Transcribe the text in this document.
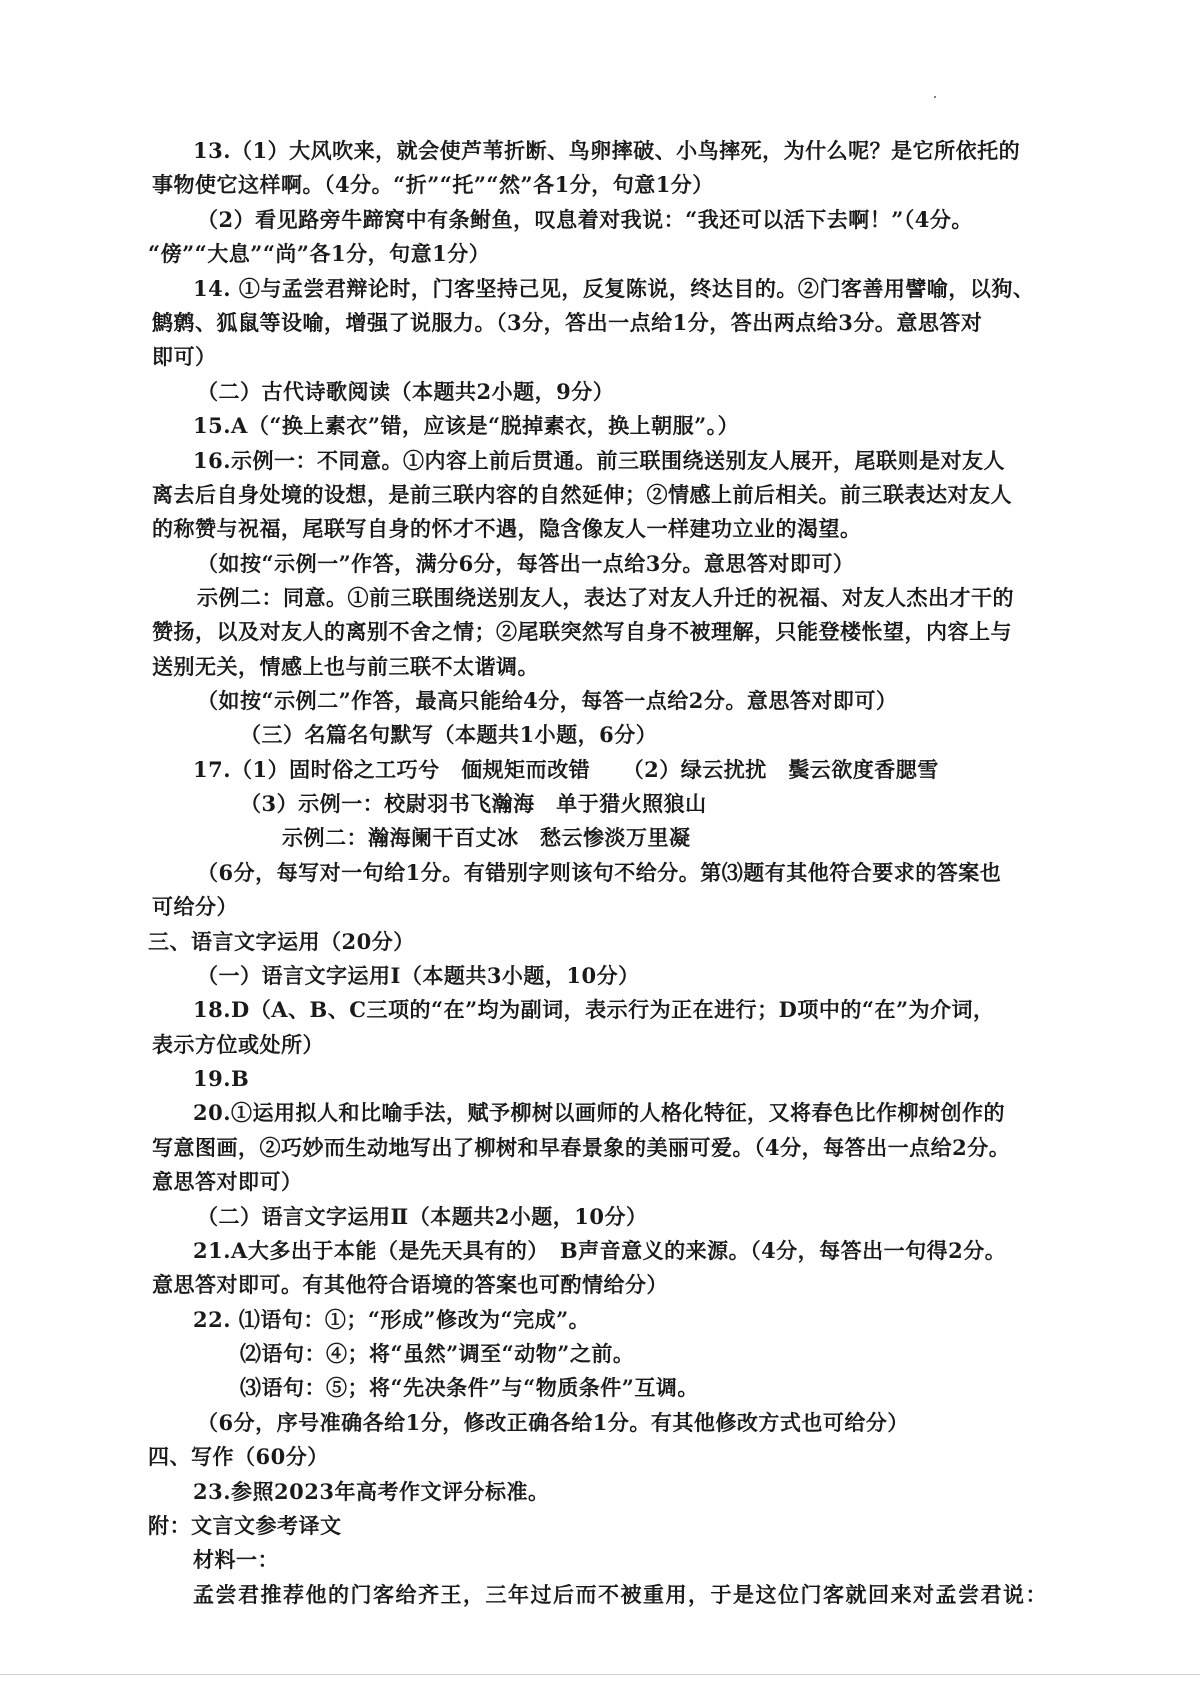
13.（1）大风吹来，就会使芦苇折断、鸟卵摔破、小鸟摔死，为什么呢？是它所依托的
事物使它这样啊。（4分。“折”“托”“然”各1分，句意1分）
（2）看见路旁牛蹄窝中有条鲋鱼，叹息着对我说：“我还可以活下去啊！”（4分。
“傍”“大息”“尚”各1分，句意1分）
14. ①与孟尝君辩论时，门客坚持己见，反复陈说，终达目的。②门客善用譬喻，以狗、
鹪鹩、狐鼠等设喻，增强了说服力。（3分，答出一点给1分，答出两点给3分。意思答对
即可）
（二）古代诗歌阅读（本题共2小题，9分）
15.A（“换上素衣”错，应该是“脱掉素衣，换上朝服”。）
16.示例一：不同意。①内容上前后贯通。前三联围绕送别友人展开，尾联则是对友人
离去后自身处境的设想，是前三联内容的自然延伸；②情感上前后相关。前三联表达对友人
的称赞与祝福，尾联写自身的怀才不遇，隐含像友人一样建功立业的渴望。
（如按“示例一”作答，满分6分，每答出一点给3分。意思答对即可）
示例二：同意。①前三联围绕送别友人，表达了对友人升迁的祝福、对友人杰出才干的
赞扬，以及对友人的离别不舍之情；②尾联突然写自身不被理解，只能登楼怅望，内容上与
送别无关，情感上也与前三联不太谐调。
（如按“示例二”作答，最高只能给4分，每答一点给2分。意思答对即可）
（三）名篇名句默写（本题共1小题，6分）
17.（1）固时俗之工巧兮　偭规矩而改错　　（2）绿云扰扰　鬓云欲度香腮雪
（3）示例一：校尉羽书飞瀚海　单于猎火照狼山
示例二：瀚海阑干百丈冰　愁云惨淡万里凝
（6分，每写对一句给1分。有错别字则该句不给分。第⑶题有其他符合要求的答案也
可给分）
三、语言文字运用（20分）
（一）语言文字运用Ⅰ（本题共3小题，10分）
18.D（A、B、C三项的“在”均为副词，表示行为正在进行；D项中的“在”为介词，
表示方位或处所）
19.B
20.①运用拟人和比喻手法，赋予柳树以画师的人格化特征，又将春色比作柳树创作的
写意图画，②巧妙而生动地写出了柳树和早春景象的美丽可爱。（4分，每答出一点给2分。
意思答对即可）
（二）语言文字运用Ⅱ（本题共2小题，10分）
21.A大多出于本能（是先天具有的）　B声音意义的来源。（4分，每答出一句得2分。
意思答对即可。有其他符合语境的答案也可酌情给分）
22. ⑴语句：①；“形成”修改为“完成”。
⑵语句：④；将“虽然”调至“动物”之前。
⑶语句：⑤；将“先决条件”与“物质条件”互调。
（6分，序号准确各给1分，修改正确各给1分。有其他修改方式也可给分）
四、写作（60分）
23.参照2023年高考作文评分标准。
附：文言文参考译文
材料一：
孟尝君推荐他的门客给齐王，三年过后而不被重用，于是这位门客就回来对孟尝君说：
